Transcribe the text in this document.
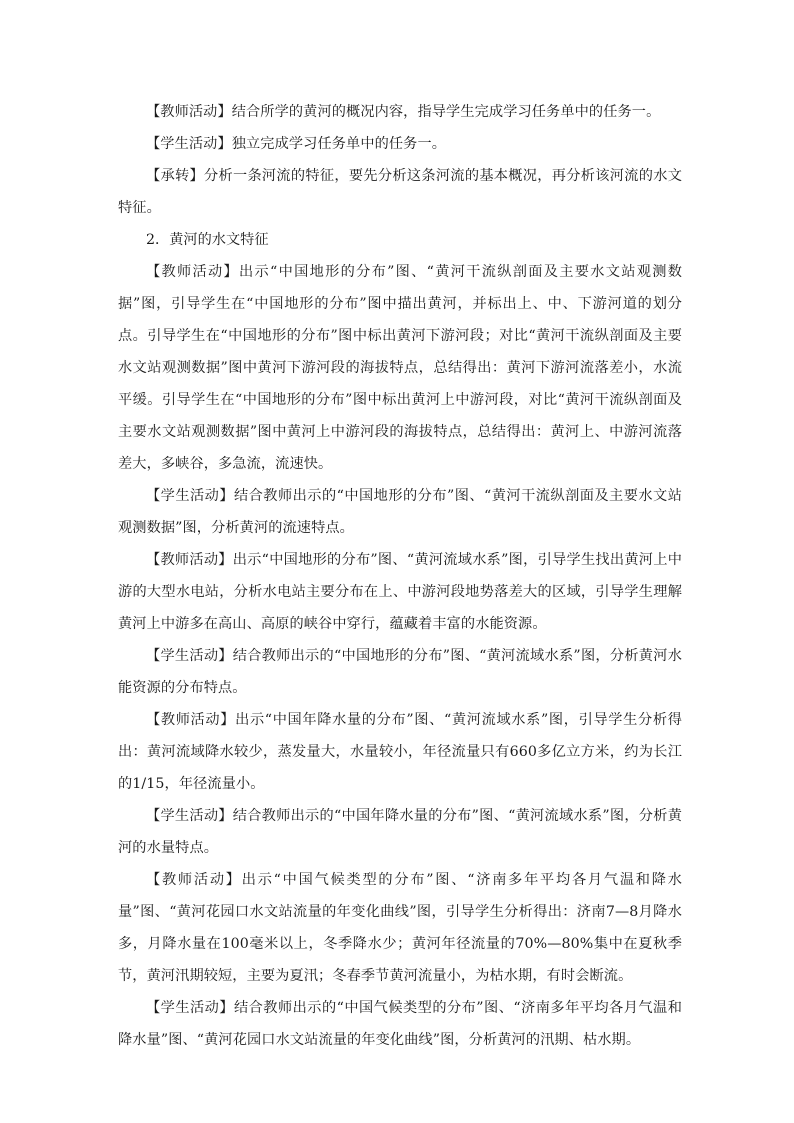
【教师活动】结合所学的黄河的概况内容，指导学生完成学习任务单中的任务一。

【学生活动】独立完成学习任务单中的任务一。

【承转】分析一条河流的特征，要先分析这条河流的基本概况，再分析该河流的水文特征。

2．黄河的水文特征

【教师活动】出示“中国地形的分布”图、“黄河干流纵剖面及主要水文站观测数据”图，引导学生在“中国地形的分布”图中描出黄河，并标出上、中、下游河道的划分点。引导学生在“中国地形的分布”图中标出黄河下游河段；对比“黄河干流纵剖面及主要水文站观测数据”图中黄河下游河段的海拔特点，总结得出：黄河下游河流落差小，水流平缓。引导学生在“中国地形的分布”图中标出黄河上中游河段，对比“黄河干流纵剖面及主要水文站观测数据”图中黄河上中游河段的海拔特点，总结得出：黄河上、中游河流落差大，多峡谷，多急流，流速快。

【学生活动】结合教师出示的“中国地形的分布”图、“黄河干流纵剖面及主要水文站观测数据”图，分析黄河的流速特点。

【教师活动】出示“中国地形的分布”图、“黄河流域水系”图，引导学生找出黄河上中游的大型水电站，分析水电站主要分布在上、中游河段地势落差大的区域，引导学生理解黄河上中游多在高山、高原的峡谷中穿行，蕴藏着丰富的水能资源。

【学生活动】结合教师出示的“中国地形的分布”图、“黄河流域水系”图，分析黄河水能资源的分布特点。

【教师活动】出示“中国年降水量的分布”图、“黄河流域水系”图，引导学生分析得出：黄河流域降水较少，蒸发量大，水量较小，年径流量只有660多亿立方米，约为长江的1/15，年径流量小。

【学生活动】结合教师出示的“中国年降水量的分布”图、“黄河流域水系”图，分析黄河的水量特点。

【教师活动】出示“中国气候类型的分布”图、“济南多年平均各月气温和降水量”图、“黄河花园口水文站流量的年变化曲线”图，引导学生分析得出：济南7—8月降水多，月降水量在100毫米以上，冬季降水少；黄河年径流量的70%—80%集中在夏秋季节，黄河汛期较短，主要为夏汛；冬春季节黄河流量小，为枯水期，有时会断流。

【学生活动】结合教师出示的“中国气候类型的分布”图、“济南多年平均各月气温和降水量”图、“黄河花园口水文站流量的年变化曲线”图，分析黄河的汛期、枯水期。
